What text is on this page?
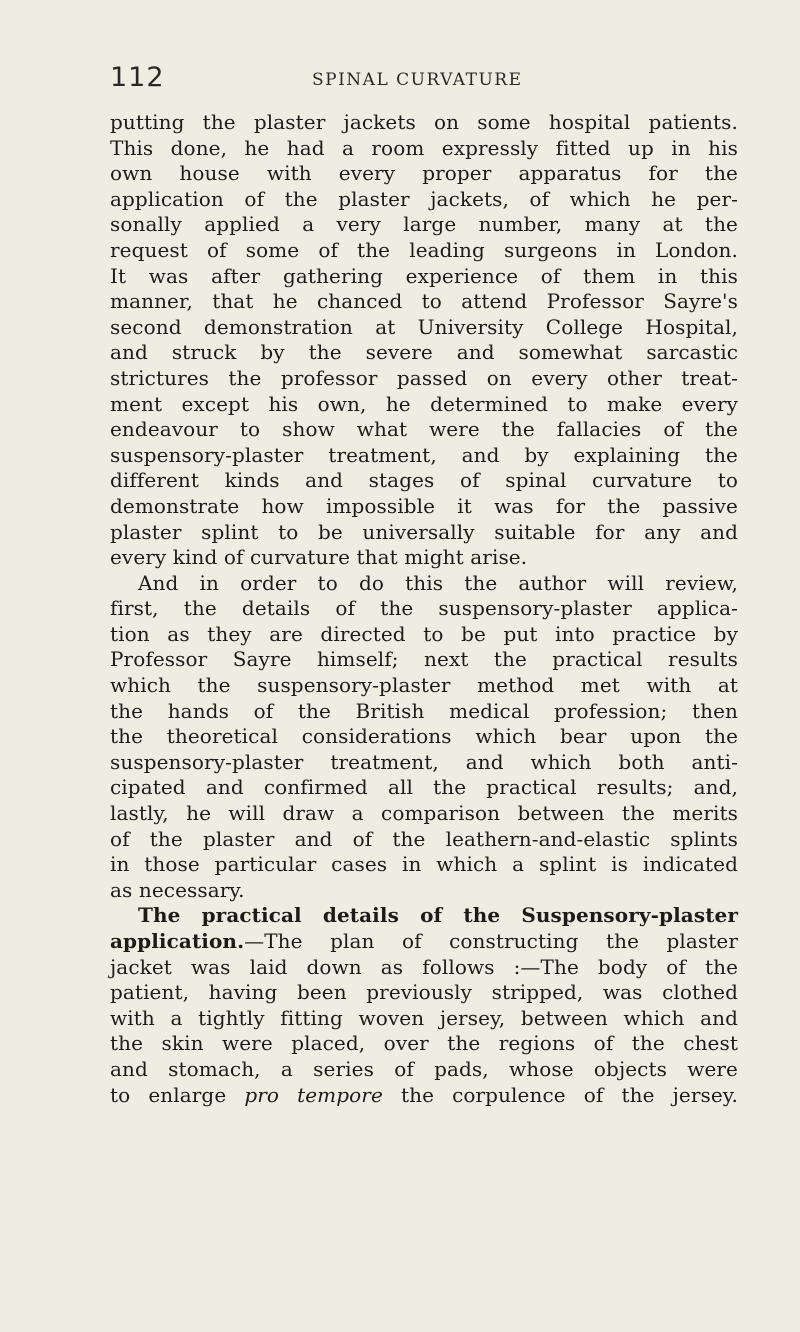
112	SPINAL CURVATURE
putting the plaster jackets on some hospital patients.
This done, he had a room expressly fitted up in his
own house with every proper apparatus for the
application of the plaster jackets, of which he per-
sonally applied a very large number, many at the
request of some of the leading surgeons in London.
It was after gathering experience of them in this
manner, that he chanced to attend Professor Sayre's
second demonstration at University College Hospital,
and struck by the severe and somewhat sarcastic
strictures the professor passed on every other treat-
ment except his own, he determined to make every
endeavour to show what were the fallacies of the
suspensory-plaster treatment, and by explaining the
different kinds and stages of spinal curvature to
demonstrate how impossible it was for the passive
plaster splint to be universally suitable for any and
every kind of curvature that might arise.
And in order to do this the author will review,
first, the details of the suspensory-plaster applica-
tion as they are directed to be put into practice by
Professor Sayre himself; next the practical results
which the suspensory-plaster method met with at
the hands of the British medical profession; then
the theoretical considerations which bear upon the
suspensory-plaster treatment, and which both anti-
cipated and confirmed all the practical results; and,
lastly, he will draw a comparison between the merits
of the plaster and of the leathern-and-elastic splints
in those particular cases in which a splint is indicated
as necessary.
The practical details of the Suspensory-plaster
application.—The plan of constructing the plaster
jacket was laid down as follows :—The body of the
patient, having been previously stripped, was clothed
with a tightly fitting woven jersey, between which and
the skin were placed, over the regions of the chest
and stomach, a series of pads, whose objects were
to enlarge pro tempore the corpulence of the jersey.
